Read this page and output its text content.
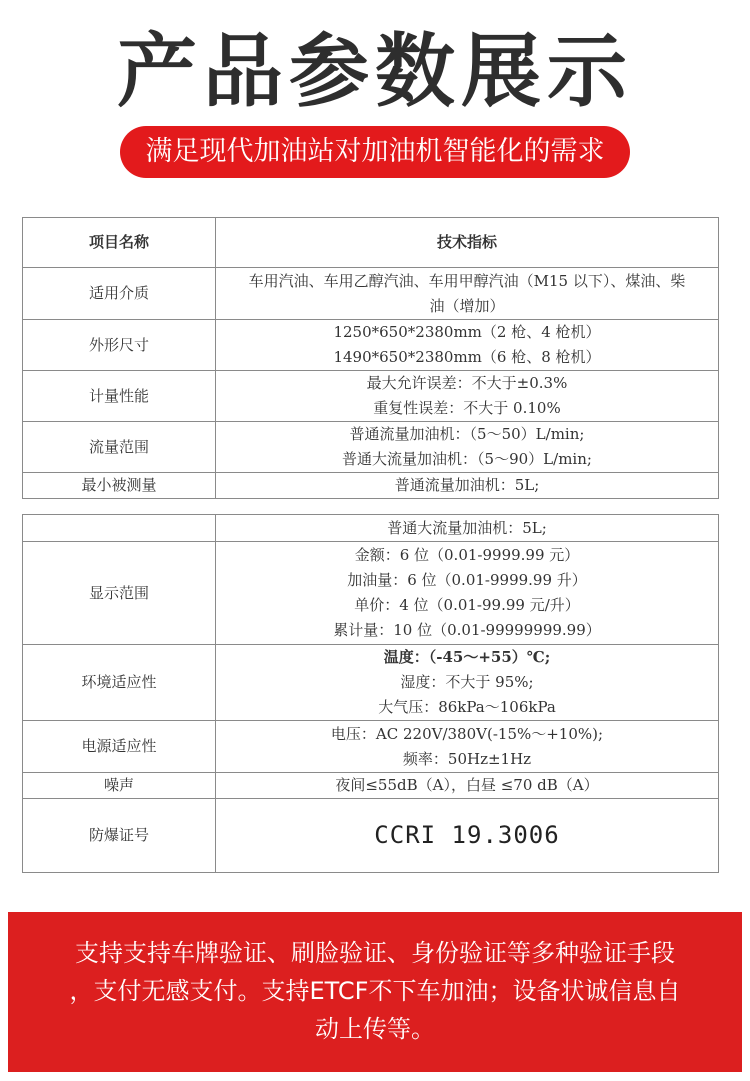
产品参数展示
满足现代加油站对加油机智能化的需求
项目名称	技术指标
适用介质	车用汽油、车用乙醇汽油、车用甲醇汽油（M15 以下）、煤油、柴
油（增加）

外形尺寸	1250*650*2380mm（2 枪、4 枪机）
1490*650*2380mm（6 枪、8 枪机）

计量性能	最大允许误差：不大于±0.3%
重复性误差：不大于 0.10%

流量范围	普通流量加油机：（5～50）L/min;
普通大流量加油机：（5～90）L/min;

最小被测量	普通流量加油机：5L;

	普通大流量加油机：5L;

显示范围	金额：6 位（0.01-9999.99 元）
加油量：6 位（0.01-9999.99 升）
单价：4 位（0.01-99.99 元/升）
累计量：10 位（0.01-99999999.99）

环境适应性	温度：（-45～+55）℃;
湿度：不大于 95%;
大气压：86kPa～106kPa

电源适应性	电压：AC 220V/380V(-15%～+10%);
频率：50Hz±1Hz

噪声	夜间≤55dB（A），白昼 ≤70 dB（A）

防爆证号	CCRI 19.3006
支持支持车牌验证、刷脸验证、身份验证等多种验证手段
，支付无感支付。支持ETCF不下车加油；设备状诚信息自
动上传等。
